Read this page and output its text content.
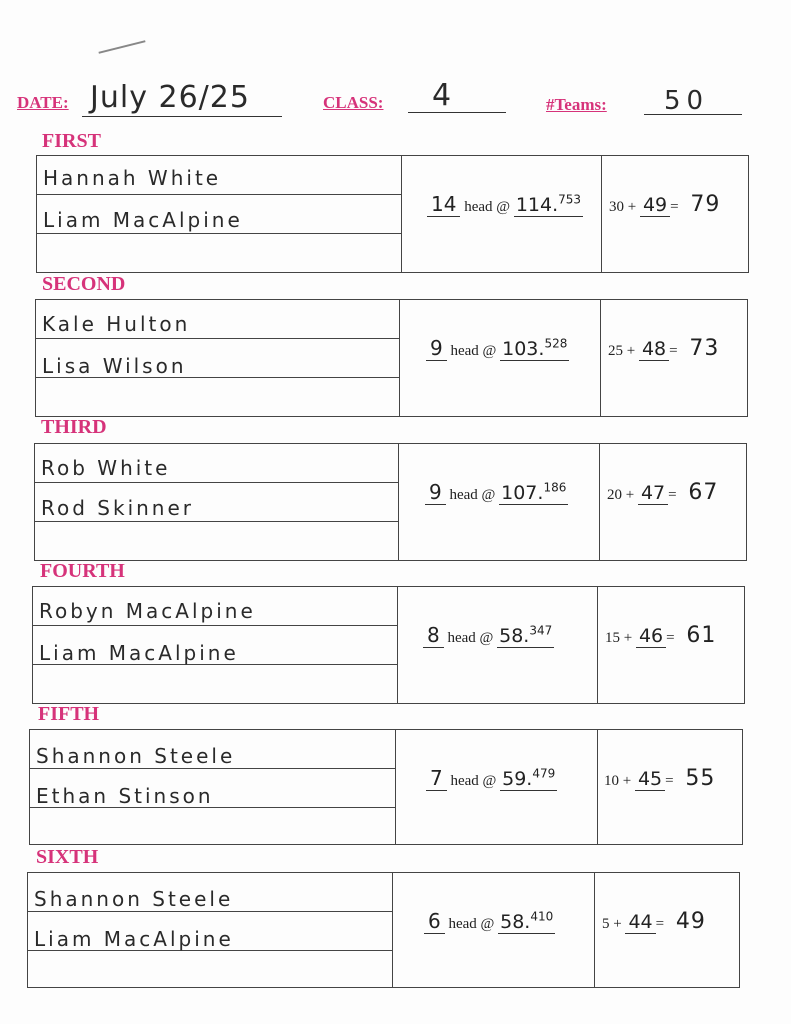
DATE: July 26/25	CLASS: 4	#Teams: 50
FIRST
Hannah White
Liam MacAlpine
14 head @ 114.$^{753}$ 30 + 49 = 79
SECOND
Kale Hulton
Lisa Wilson
9 head @ 103.$^{528}$	25 + 48 = 73
THIRD
Rob White
Rod Skinner
9 head @ 107.$^{186}$	20 + 47 = 67
FOURTH
Robyn MacAlpine
Liam MacAlpine
8 head @ 58.$^{347}$	15 + 46 = 61
FIFTH
Shannon Steele
Ethan Stinson
7 head @ 59.$^{479}$	10 + 45 = 55
SIXTH
Shannon Steele
Liam MacAlpine
6 head @ 58.$^{410}$	5 + 44 = 49
